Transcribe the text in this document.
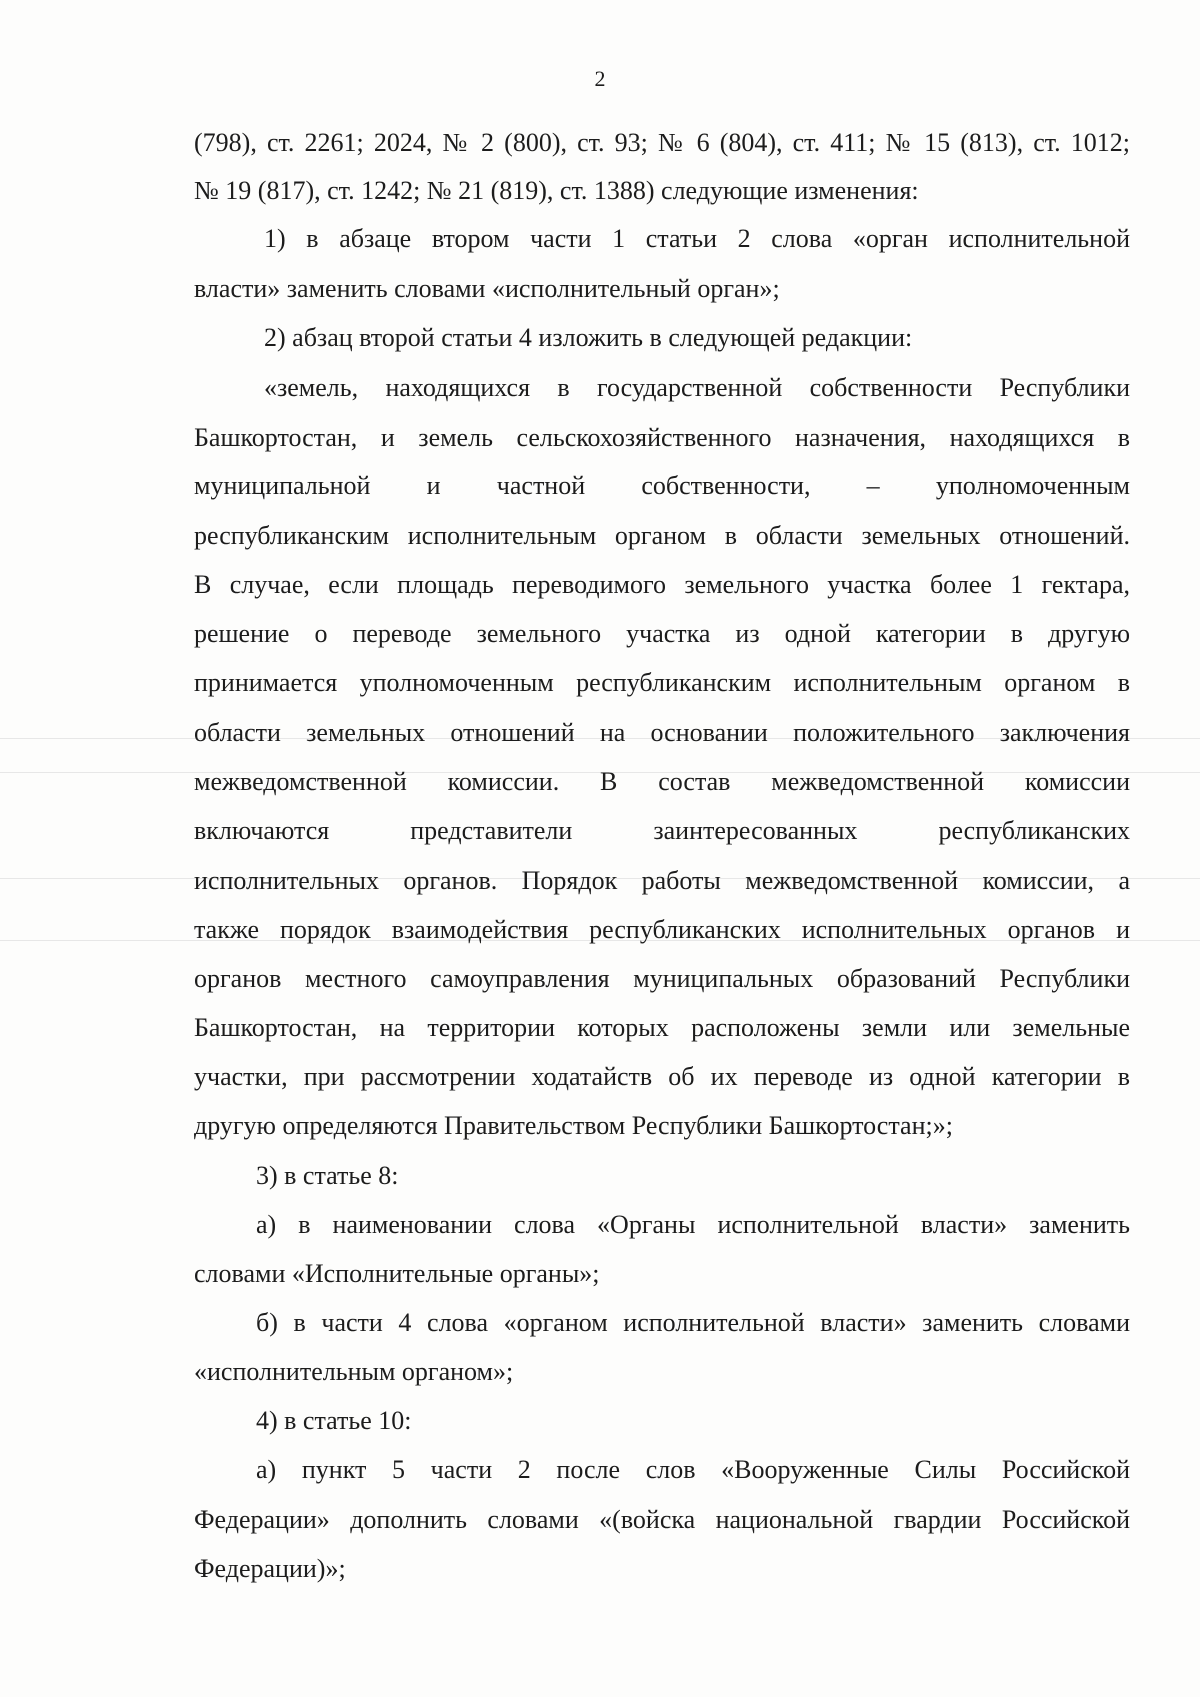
2
(798), ст. 2261; 2024, № 2 (800), ст. 93; № 6 (804), ст. 411; № 15 (813), ст. 1012;
№ 19 (817), ст. 1242; № 21 (819), ст. 1388) следующие изменения:
1) в абзаце втором части 1 статьи 2 слова «орган исполнительной
власти» заменить словами «исполнительный орган»;
2) абзац второй статьи 4 изложить в следующей редакции:
«земель, находящихся в государственной собственности Республики
Башкортостан, и земель сельскохозяйственного назначения, находящихся в
муниципальной и частной собственности, – уполномоченным
республиканским исполнительным органом в области земельных отношений.
В случае, если площадь переводимого земельного участка более 1 гектара,
решение о переводе земельного участка из одной категории в другую
принимается уполномоченным республиканским исполнительным органом в
области земельных отношений на основании положительного заключения
межведомственной комиссии. В состав межведомственной комиссии
включаются представители заинтересованных республиканских
исполнительных органов. Порядок работы межведомственной комиссии, а
также порядок взаимодействия республиканских исполнительных органов и
органов местного самоуправления муниципальных образований Республики
Башкортостан, на территории которых расположены земли или земельные
участки, при рассмотрении ходатайств об их переводе из одной категории в
другую определяются Правительством Республики Башкортостан;»;
3) в статье 8:
а) в наименовании слова «Органы исполнительной власти» заменить
словами «Исполнительные органы»;
б) в части 4 слова «органом исполнительной власти» заменить словами
«исполнительным органом»;
4) в статье 10:
а) пункт 5 части 2 после слов «Вооруженные Силы Российской
Федерации» дополнить словами «(войска национальной гвардии Российской
Федерации)»;
